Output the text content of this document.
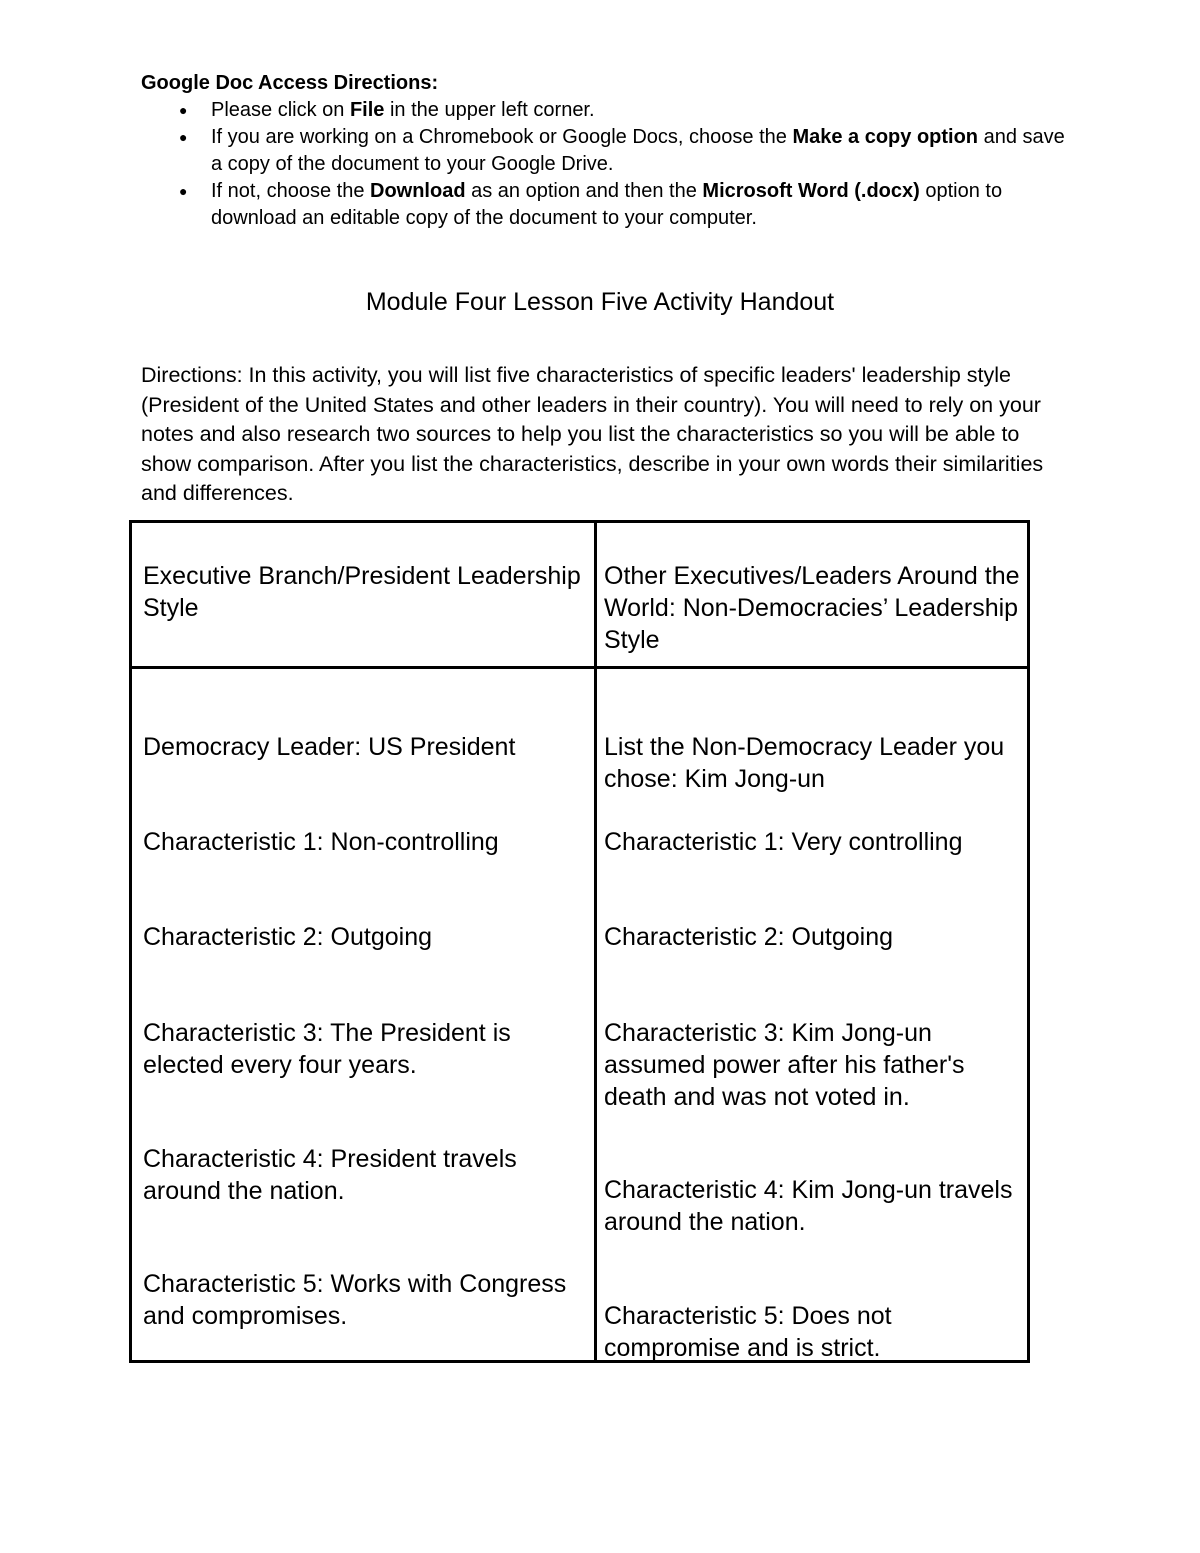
Google Doc Access Directions:

● Please click on File in the upper left corner.
● If you are working on a Chromebook or Google Docs, choose the Make a copy option and save a copy of the document to your Google Drive.
● If not, choose the Download as an option and then the Microsoft Word (.docx) option to download an editable copy of the document to your computer.
Module Four Lesson Five Activity Handout
Directions: In this activity, you will list five characteristics of specific leaders' leadership style (President of the United States and other leaders in their country). You will need to rely on your notes and also research two sources to help you list the characteristics so you will be able to show comparison. After you list the characteristics, describe in your own words their similarities and differences.
Executive Branch/President Leadership Style
Other Executives/Leaders Around the World: Non-Democracies’ Leadership Style
Democracy Leader: US President
Characteristic 1: Non-controlling
Characteristic 2: Outgoing
Characteristic 3: The President is elected every four years.
Characteristic 4: President travels around the nation.
Characteristic 5: Works with Congress and compromises.
List the Non-Democracy Leader you chose: Kim Jong-un
Characteristic 1: Very controlling
Characteristic 2: Outgoing
Characteristic 3: Kim Jong-un assumed power after his father's death and was not voted in.
Characteristic 4: Kim Jong-un travels around the nation.
Characteristic 5: Does not compromise and is strict.
